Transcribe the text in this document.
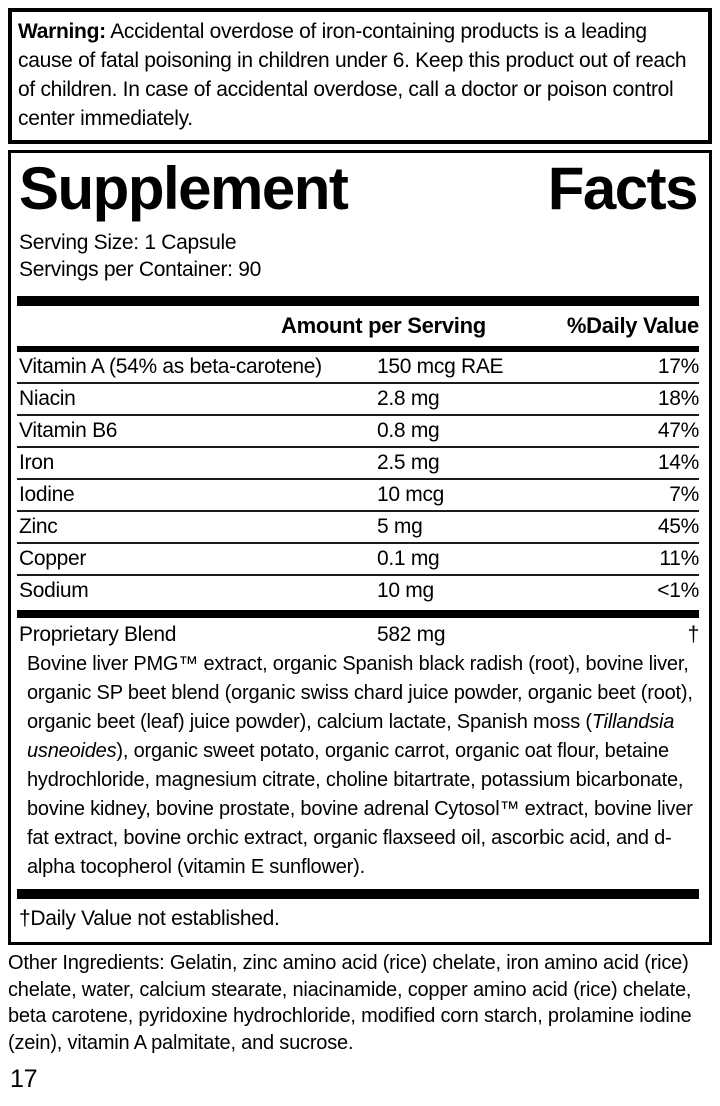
Warning: Accidental overdose of iron-containing products is a leading cause of fatal poisoning in children under 6. Keep this product out of reach of children. In case of accidental overdose, call a doctor or poison control center immediately.
Supplement Facts
Serving Size: 1 Capsule
Servings per Container: 90
Amount per Serving	%Daily Value
Vitamin A (54% as beta-carotene)	150 mcg RAE	17%
Niacin	2.8 mg	18%
Vitamin B6	0.8 mg	47%
Iron	2.5 mg	14%
Iodine	10 mcg	7%
Zinc	5 mg	45%
Copper	0.1 mg	11%
Sodium	10 mg	<1%
Proprietary Blend	582 mg	†

Bovine liver PMG™ extract, organic Spanish black radish (root), bovine liver, organic SP beet blend (organic swiss chard juice powder, organic beet (root), organic beet (leaf) juice powder), calcium lactate, Spanish moss (Tillandsia usneoides), organic sweet potato, organic carrot, organic oat flour, betaine hydrochloride, magnesium citrate, choline bitartrate, potassium bicarbonate, bovine kidney, bovine prostate, bovine adrenal Cytosol™ extract, bovine liver fat extract, bovine orchic extract, organic flaxseed oil, ascorbic acid, and d-alpha tocopherol (vitamin E sunflower).

†Daily Value not established.

Other Ingredients: Gelatin, zinc amino acid (rice) chelate, iron amino acid (rice) chelate, water, calcium stearate, niacinamide, copper amino acid (rice) chelate, beta carotene, pyridoxine hydrochloride, modified corn starch, prolamine iodine (zein), vitamin A palmitate, and sucrose.

17
